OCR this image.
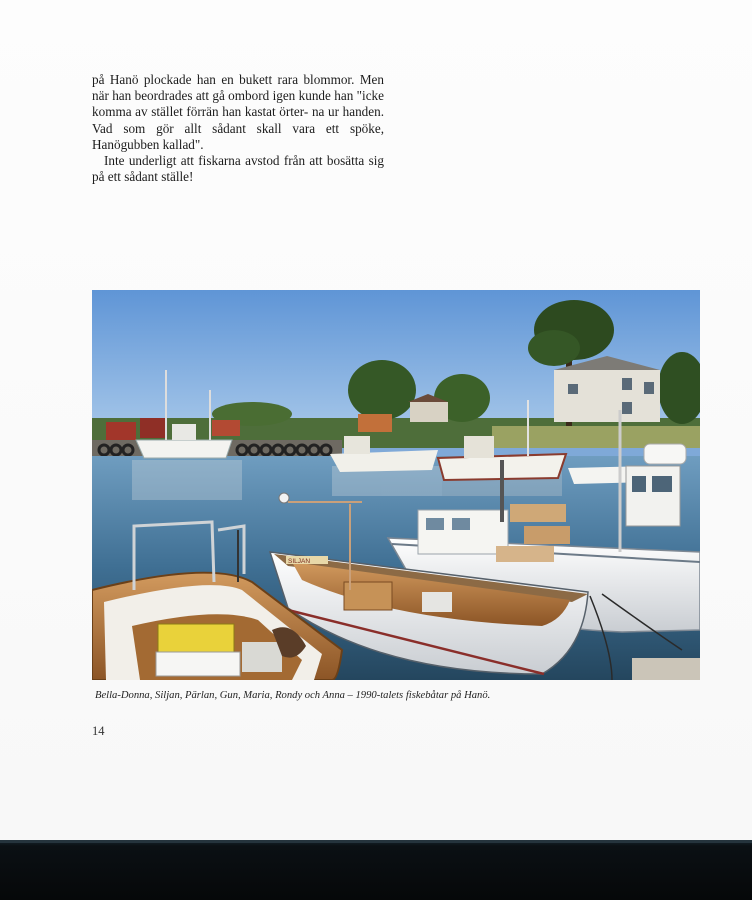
på Hanö plockade han en bukett rara blommor. Men när han beordrades att gå ombord igen kunde han "icke komma av stället förrän han kastat örter- na ur handen. Vad som gör allt sådant skall vara ett spöke, Hanögubben kallad".

Inte underligt att fiskarna avstod från att bosätta sig på ett sådant ställe!

SILJAN
Bella-Donna, Siljan, Pärlan, Gun, Maria, Rondy och Anna – 1990-talets fiskebåtar på Hanö.
14
